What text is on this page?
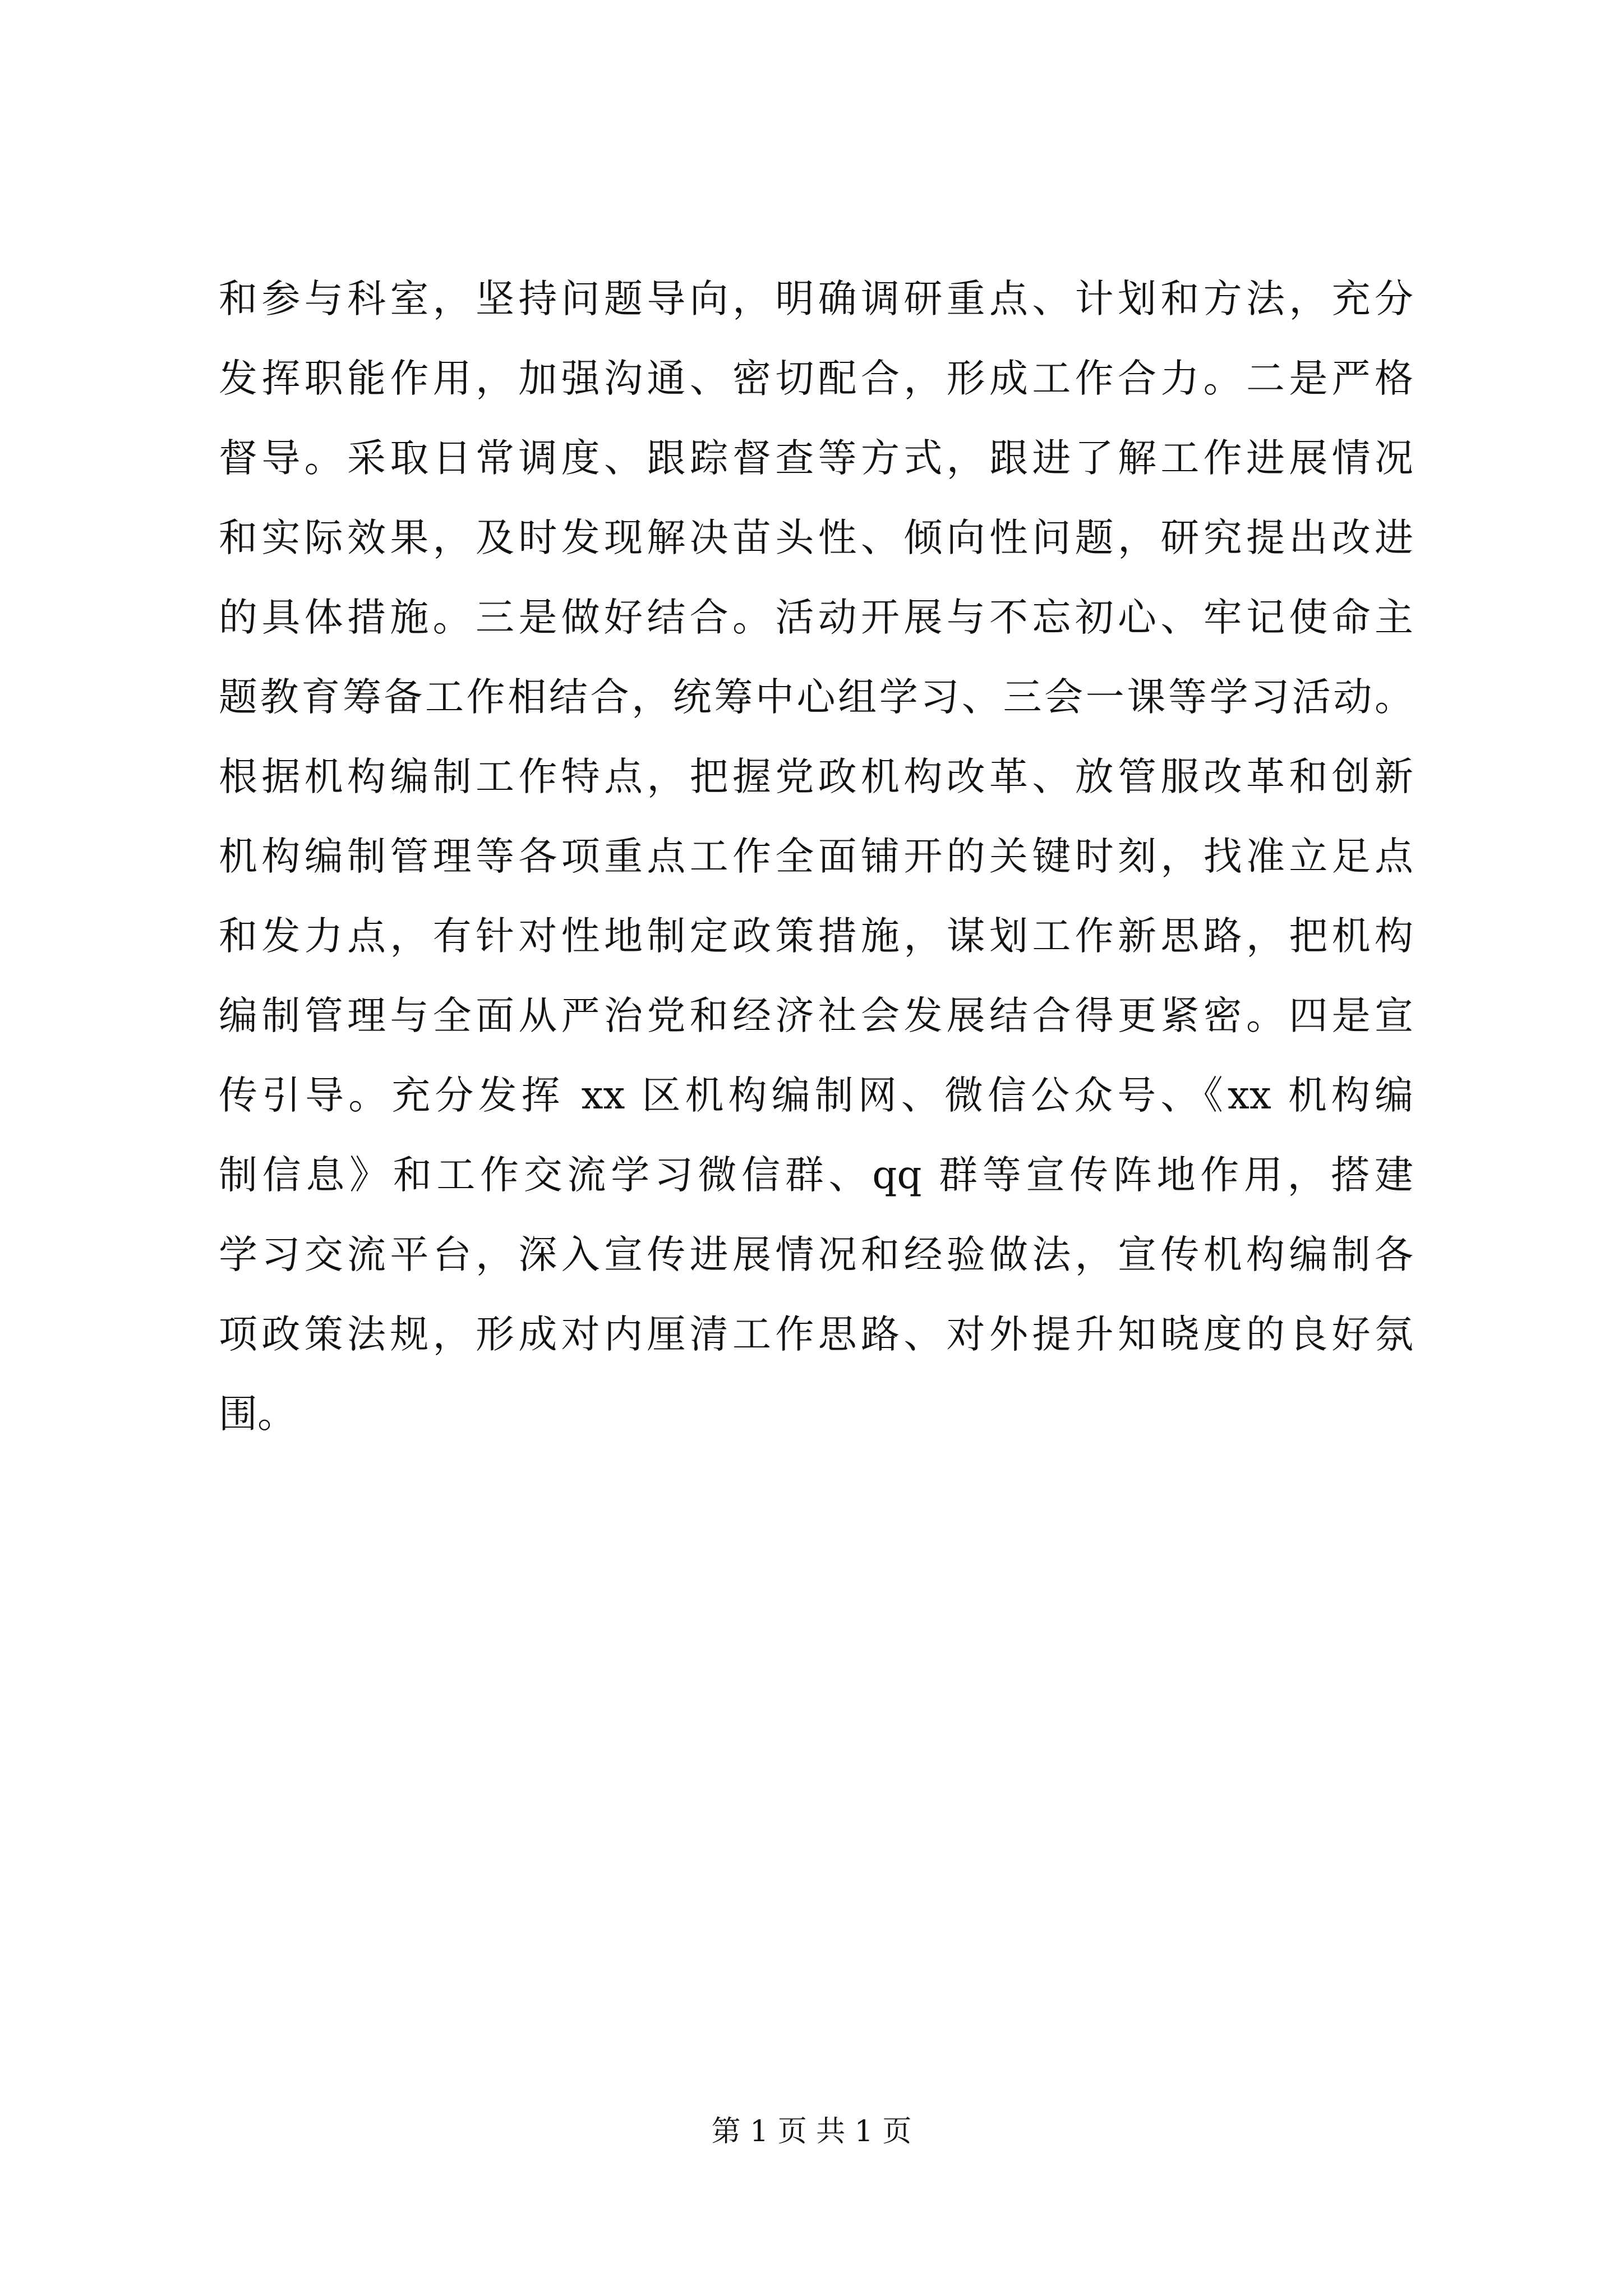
和参与科室，坚持问题导向，明确调研重点、计划和方法，充分
发挥职能作用，加强沟通、密切配合，形成工作合力。二是严格
督导。采取日常调度、跟踪督查等方式，跟进了解工作进展情况
和实际效果，及时发现解决苗头性、倾向性问题，研究提出改进
的具体措施。三是做好结合。活动开展与不忘初心、牢记使命主
题教育筹备工作相结合，统筹中心组学习、三会一课等学习活动。
根据机构编制工作特点，把握党政机构改革、放管服改革和创新
机构编制管理等各项重点工作全面铺开的关键时刻，找准立足点
和发力点，有针对性地制定政策措施，谋划工作新思路，把机构
编制管理与全面从严治党和经济社会发展结合得更紧密。四是宣
传引导。充分发挥 xx 区机构编制网、微信公众号、《xx 机构编
制信息》和工作交流学习微信群、qq 群等宣传阵地作用，搭建
学习交流平台，深入宣传进展情况和经验做法，宣传机构编制各
项政策法规，形成对内厘清工作思路、对外提升知晓度的良好氛
围。
第 1 页 共 1 页
